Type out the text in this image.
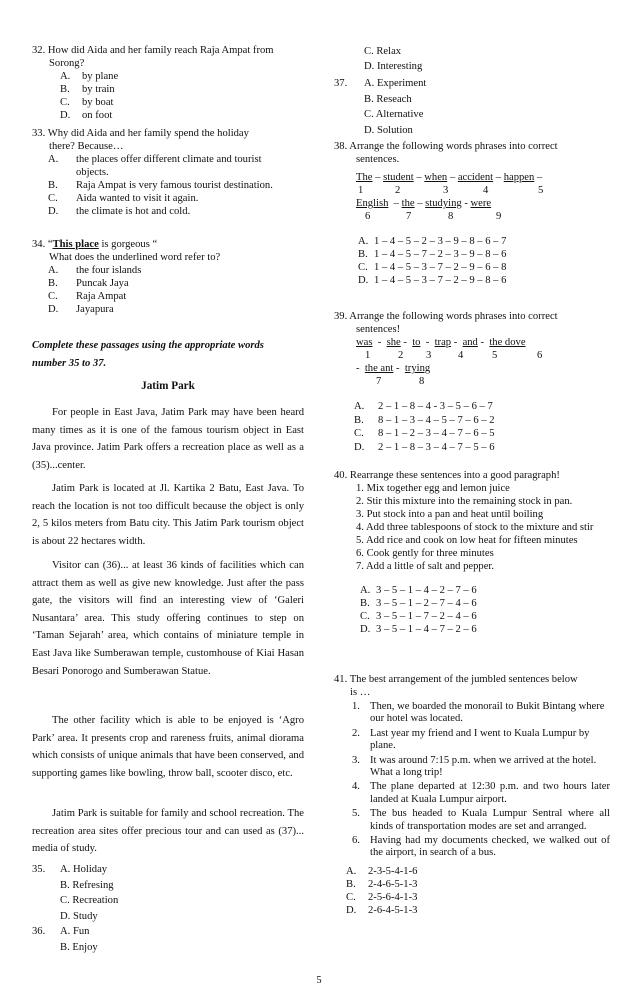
32. How did Aida and her family reach Raja Ampat from
Sorong?
A.	by plane
B.	by train
C.	by boat
D.	on foot
33. Why did Aida and her family spend the holiday
there? Because…
A.	the places offer different climate and tourist objects.
B.	Raja Ampat is very famous tourist destination.
C.	Aida wanted to visit it again.
D.	the climate is hot and cold.
34. “This place is gorgeous “
What does the underlined word refer to?
A.	the four islands
B.	Puncak Jaya
C.	Raja Ampat
D.	Jayapura
Complete these passages using the appropriate words
number 35 to 37.
Jatim Park

For people in East Java, Jatim Park may have been heard many times as it is one of the famous tourism object in East Java province. Jatim Park offers a recreation place as well as a (35)...center.

Jatim Park is located at Jl. Kartika 2 Batu, East Java. To reach the location is not too difficult because the object is only 2, 5 kilos meters from Batu city. This Jatim Park tourism object is about 22 hectares width.

Visitor can (36)... at least 36 kinds of facilities which can attract them as well as give new knowledge. Just after the pass gate, the visitors will find an interesting view of ‘Galeri Nusantara’ area. This study offering continues to step on ‘Taman Sejarah’ area, which contains of miniature temple in East Java like Sumberawan temple, customhouse of Kiai Hasan Besari Ponorogo and Sumberawan Statue.

The other facility which is able to be enjoyed is ‘Agro Park’ area. It presents crop and rareness fruits, animal diorama which consists of unique animals that have been conserved, and supporting games like bowling, throw ball, scooter disco, etc.

Jatim Park is suitable for family and school recreation. The recreation area sites offer precious tour and can used as (37)... media of study.

35.	A. Holiday
B. Refresing
C. Recreation
D. Study
36.	A. Fun
B. Enjoy
C. Relax
D. Interesting
37.	A. Experiment
B. Reseach
C. Alternative
D. Solution
38. Arrange the following words phrases into correct
sentences.
The – student – when – accident – happen –
1	2	3	4	5
English  – the – studying - were
6	7	8	9
A. 1 – 4 – 5 – 2 – 3 – 9 – 8 – 6 – 7
B. 1 – 4 – 5 – 7 – 2 – 3 – 9 – 8 – 6
C. 1 – 4 – 5 – 3 – 7 – 2 – 9 – 6 – 8
D. 1 – 4 – 5 – 3 – 7 – 2 – 9 – 8 – 6
39. Arrange the following words phrases into correct
sentences!
was  -  she -  to  -  trap -  and -  the dove
1	2 3	4	5	6
-  the ant -  trying
7	8
A.	2 – 1 – 8 – 4 - 3 – 5 – 6 – 7
B.	8 – 1 – 3 – 4 – 5 – 7 – 6 – 2
C.	8 – 1 – 2 – 3 – 4 – 7 – 6 – 5
D.	2 – 1 – 8 – 3 – 4 – 7 – 5 – 6
40. Rearrange these sentences into a good paragraph!
1. Mix together egg and lemon juice
2. Stir this mixture into the remaining stock in pan.
3. Put stock into a pan and heat until boiling
4. Add three tablespoons of stock to the mixture and stir
5. Add rice and cook on low heat for fifteen minutes
6. Cook gently for three minutes
7. Add a little of salt and pepper.
A. 3 – 5 – 1 – 4 – 2 – 7 – 6
B. 3 – 5 – 1 – 2 – 7 – 4 – 6
C. 3 – 5 – 1 – 7 – 2 – 4 – 6
D. 3 – 5 – 1 – 4 – 7 – 2 – 6
41. The best arrangement of the jumbled sentences below
is …
1. Then, we boarded the monorail to Bukit Bintang where our hotel was located.
2. Last year my friend and I went to Kuala Lumpur by plane.
3. It was around 7:15 p.m. when we arrived at the hotel. What a long trip!
4. The plane departed at 12:30 p.m. and two hours later landed at Kuala Lumpur airport.
5. The bus headed to Kuala Lumpur Sentral where all kinds of transportation modes are set and arranged.
6. Having had my documents checked, we walked out of the airport, in search of a bus.
A.	2-3-5-4-1-6
B.	2-4-6-5-1-3
C.	2-5-6-4-1-3
D.	2-6-4-5-1-3
5
